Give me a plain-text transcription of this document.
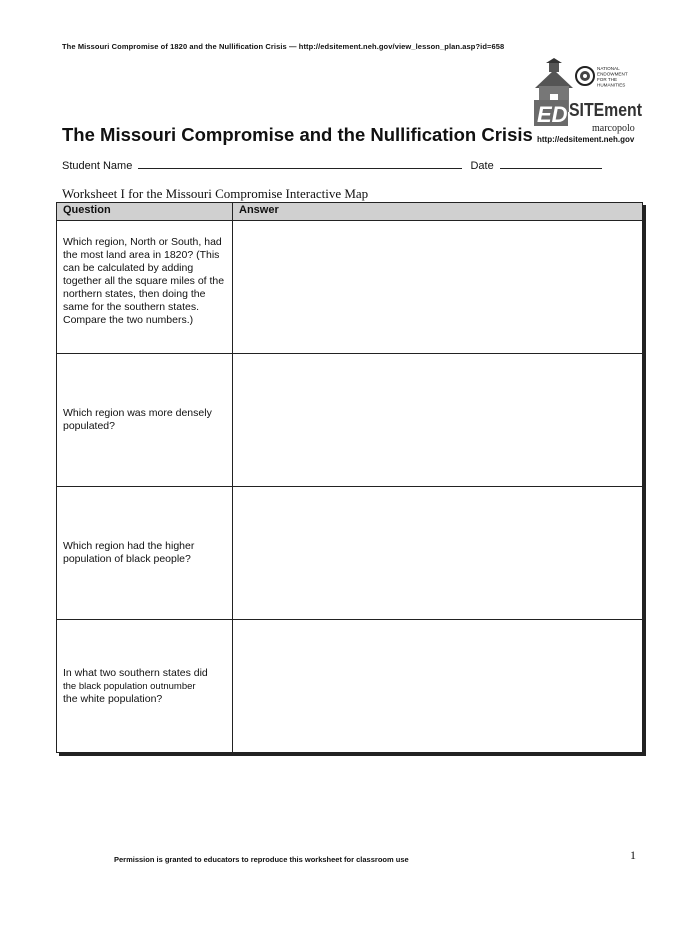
The Missouri Compromise of 1820 and the Nullification Crisis — http://edsitement.neh.gov/view_lesson_plan.asp?id=658
NATIONAL
ENDOWMENT
FOR THE
HUMANITIES
ED SITEment
marcopolo
http://edsitement.neh.gov
The Missouri Compromise and the Nullification Crisis
Student Name	Date
Worksheet I for the Missouri Compromise Interactive Map
Question	Answer

Which region, North or South, had the most land area in 1820? (This can be calculated by adding together all the square miles of the northern states, then doing the same for the southern states. Compare the two numbers.)	

Which region was more densely populated?	

Which region had the higher population of black people?	

In what two southern states did
the black population outnumber
the white population?	

Permission is granted to educators to reproduce this worksheet for classroom use	1
